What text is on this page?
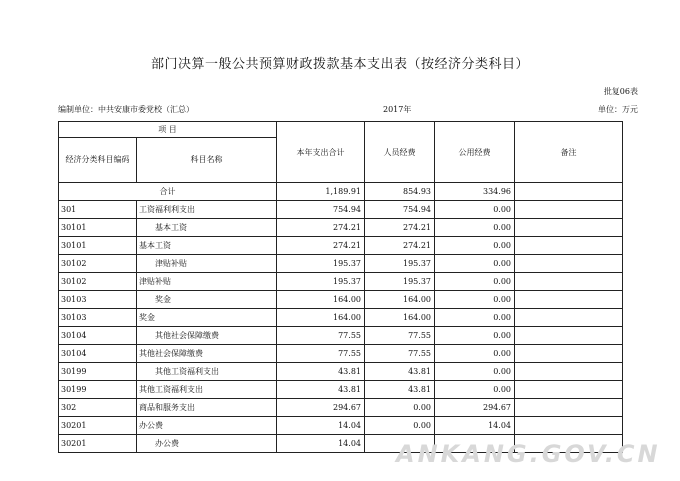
部门决算一般公共预算财政拨款基本支出表（按经济分类科目）
批复06表
编制单位：中共安康市委党校（汇总）	2017年	单位：万元
项 目		本年支出合计	人员经费	公用经费	备注
经济分类科目编码	科目名称				
合计		1,189.91	854.93	334.96	
301	工资福利利支出	754.94	754.94	0.00	
30101	基本工资	274.21	274.21	0.00	
30101	基本工资	274.21	274.21	0.00	
30102	津贴补贴	195.37	195.37	0.00	
30102	津贴补贴	195.37	195.37	0.00	
30103	奖金	164.00	164.00	0.00	
30103	奖金	164.00	164.00	0.00	
30104	其他社会保障缴费	77.55	77.55	0.00	
30104	其他社会保障缴费	77.55	77.55	0.00	
30199	其他工资福利支出	43.81	43.81	0.00	
30199	其他工资福利支出	43.81	43.81	0.00	
302	商品和服务支出	294.67	0.00	294.67	
30201	办公费	14.04	0.00	14.04	
30201	办公费	14.04			ANKANG.GOV.CN
